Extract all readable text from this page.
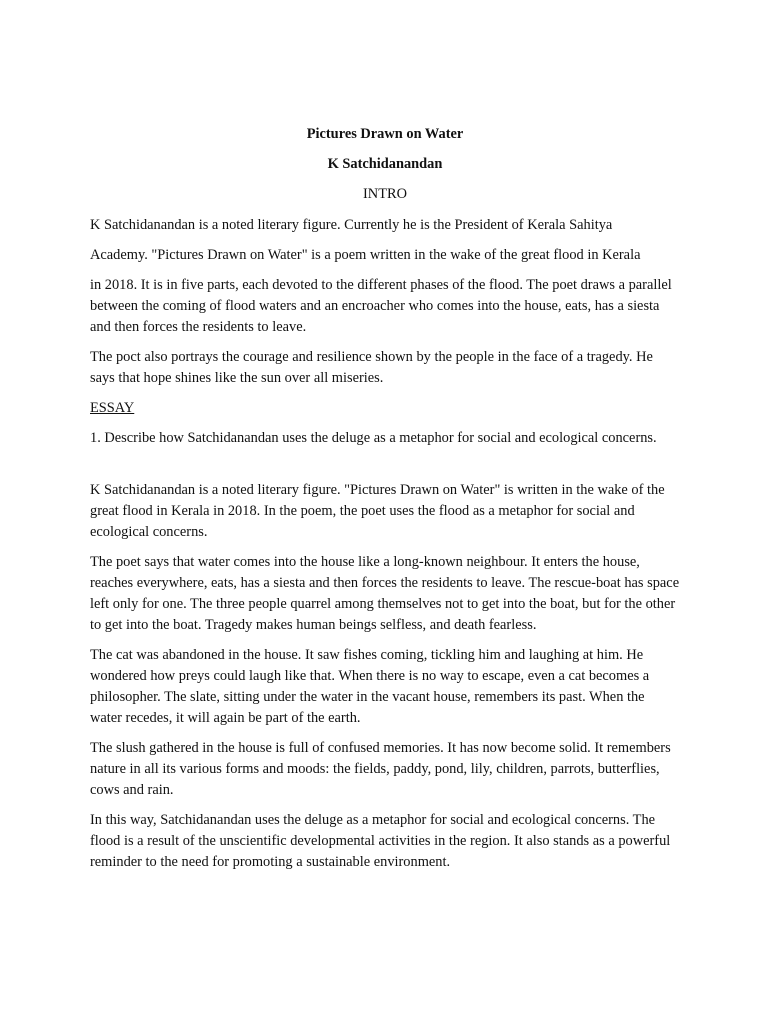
Pictures Drawn on Water
K Satchidanandan
INTRO

K Satchidanandan is a noted literary figure. Currently he is the President of Kerala Sahitya

Academy. "Pictures Drawn on Water" is a poem written in the wake of the great flood in Kerala

in 2018. It is in five parts, each devoted to the different phases of the flood. The poet draws a parallel between the coming of flood waters and an encroacher who comes into the house, eats, has a siesta and then forces the residents to leave.

The poct also portrays the courage and resilience shown by the people in the face of a tragedy. He says that hope shines like the sun over all miseries.

ESSAY

1. Describe how Satchidanandan uses the deluge as a metaphor for social and ecological concerns.

K Satchidanandan is a noted literary figure. "Pictures Drawn on Water" is written in the wake of the great flood in Kerala in 2018. In the poem, the poet uses the flood as a metaphor for social and ecological concerns.

The poet says that water comes into the house like a long-known neighbour. It enters the house, reaches everywhere, eats, has a siesta and then forces the residents to leave. The rescue-boat has space left only for one. The three people quarrel among themselves not to get into the boat, but for the other to get into the boat. Tragedy makes human beings selfless, and death fearless.

The cat was abandoned in the house. It saw fishes coming, tickling him and laughing at him. He wondered how preys could laugh like that. When there is no way to escape, even a cat becomes a philosopher. The slate, sitting under the water in the vacant house, remembers its past. When the water recedes, it will again be part of the earth.

The slush gathered in the house is full of confused memories. It has now become solid. It remembers nature in all its various forms and moods: the fields, paddy, pond, lily, children, parrots, butterflies, cows and rain.

In this way, Satchidanandan uses the deluge as a metaphor for social and ecological concerns. The flood is a result of the unscientific developmental activities in the region. It also stands as a powerful reminder to the need for promoting a sustainable environment.
